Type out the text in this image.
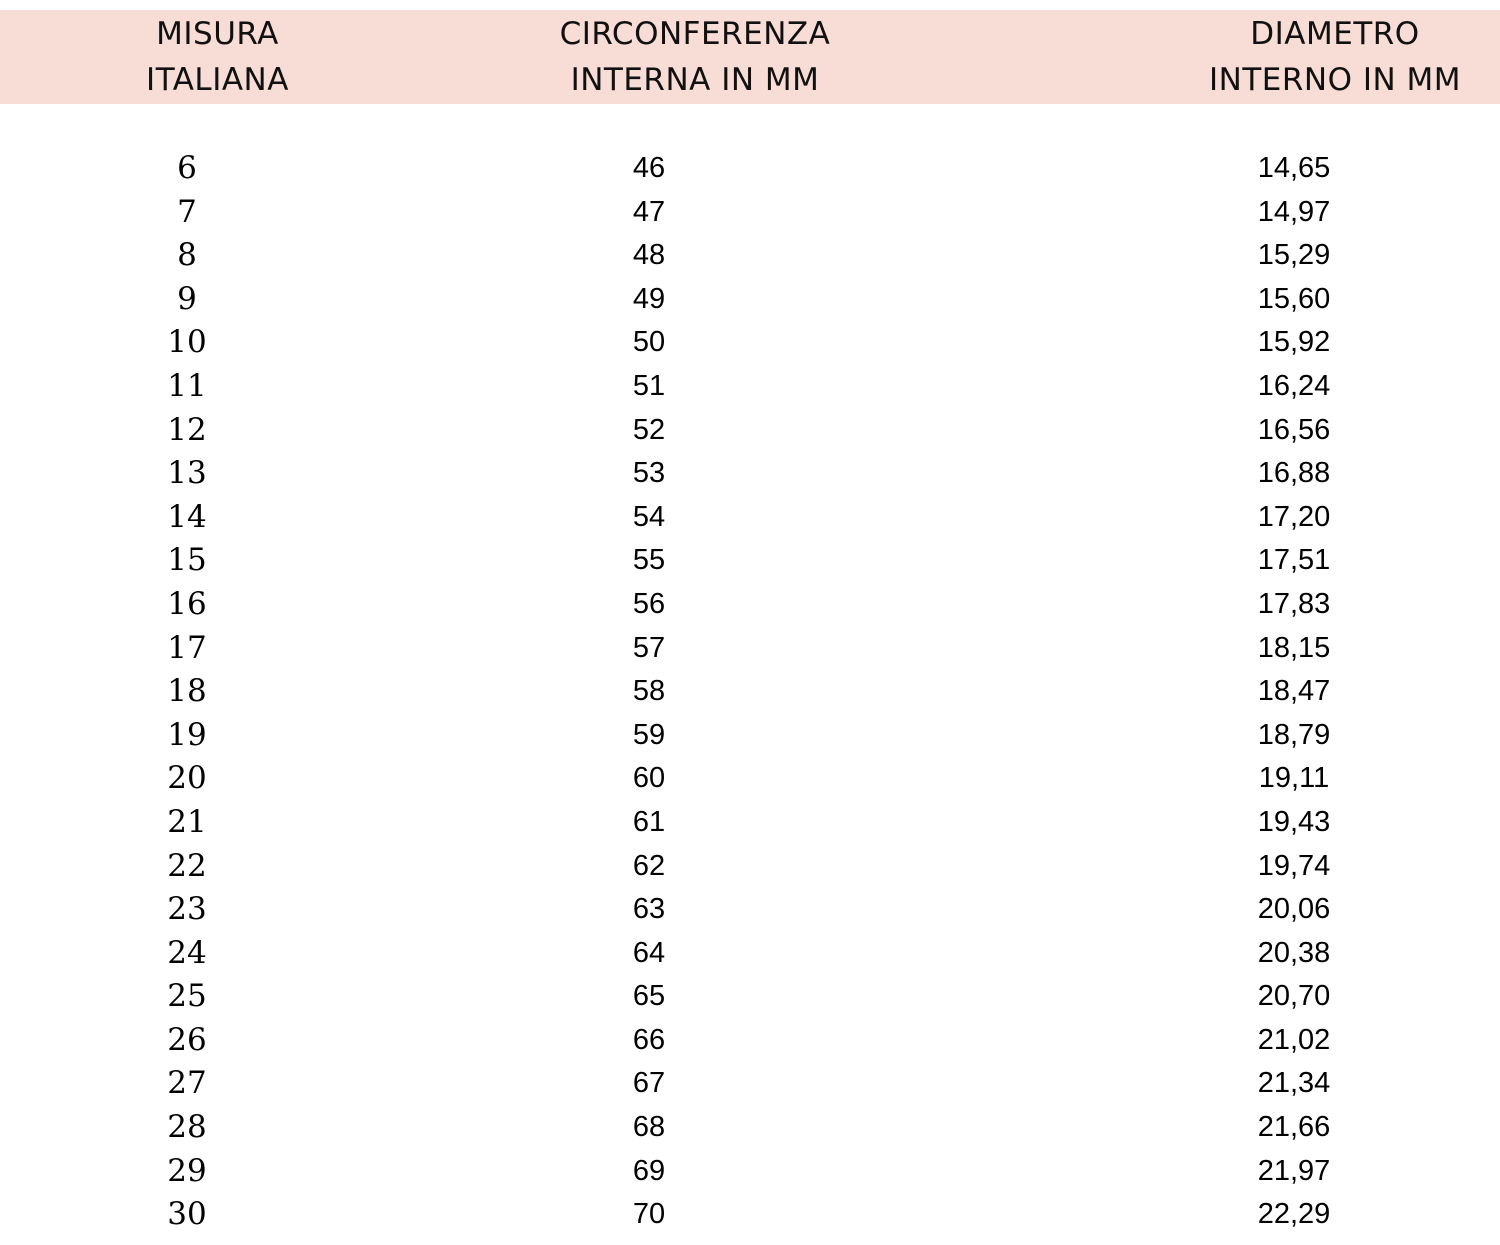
MISURA
ITALIANA
CIRCONFERENZA
INTERNA IN MM
DIAMETRO
INTERNO IN MM
6	46	14,65
7	47	14,97
8	48	15,29
9	49	15,60
10	50	15,92
11	51	16,24
12	52	16,56
13	53	16,88
14	54	17,20
15	55	17,51
16	56	17,83
17	57	18,15
18	58	18,47
19	59	18,79
20	60	19,11
21	61	19,43
22	62	19,74
23	63	20,06
24	64	20,38
25	65	20,70
26	66	21,02
27	67	21,34
28	68	21,66
29	69	21,97
30	70	22,29
